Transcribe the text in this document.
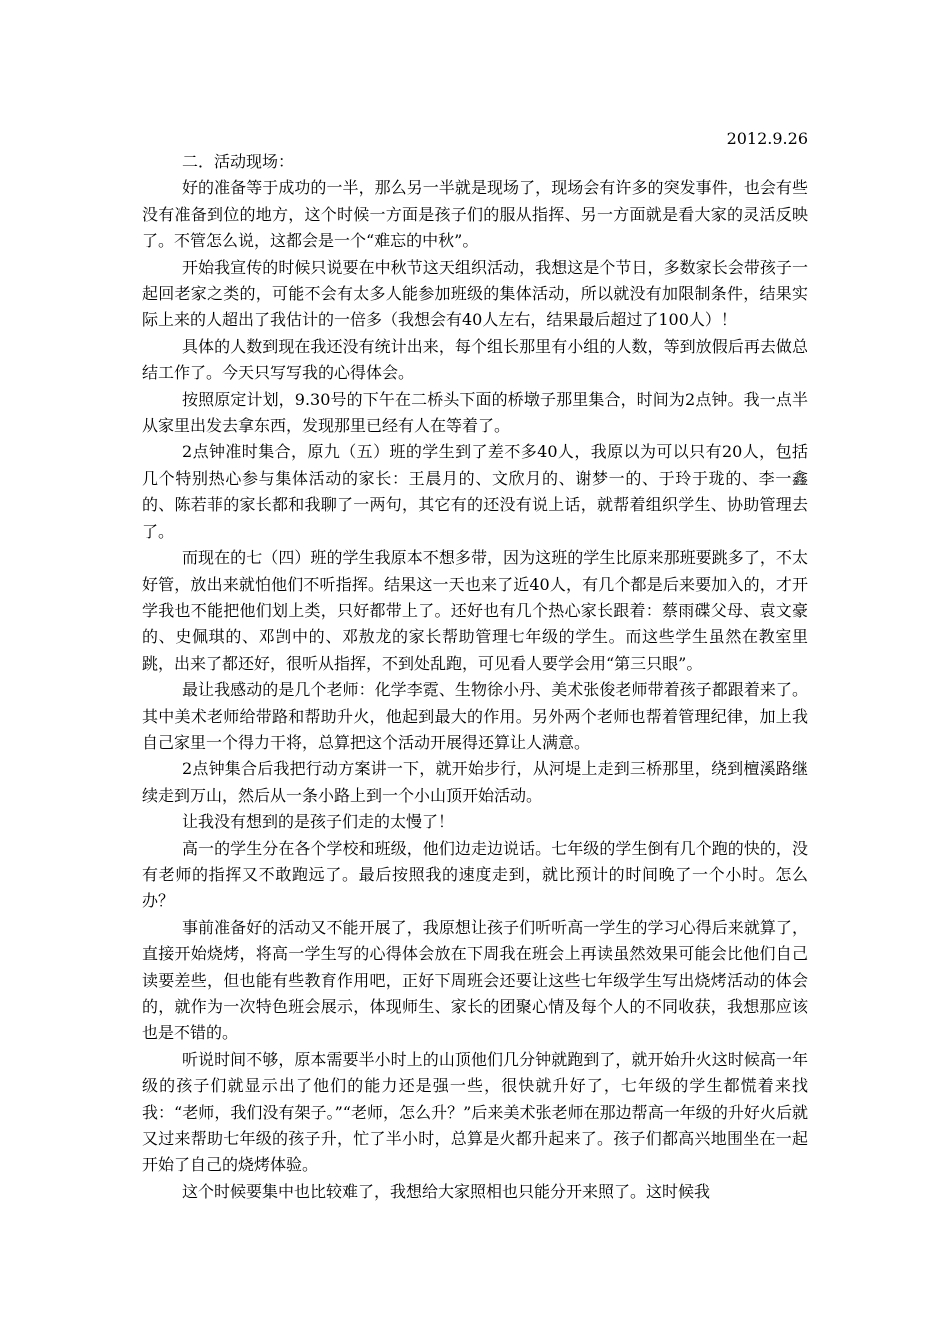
2012.9.26

二．活动现场：

好的准备等于成功的一半，那么另一半就是现场了，现场会有许多的突发事件，也会有些没有准备到位的地方，这个时候一方面是孩子们的服从指挥、另一方面就是看大家的灵活反映了。不管怎么说，这都会是一个“难忘的中秋”。

开始我宣传的时候只说要在中秋节这天组织活动，我想这是个节日，多数家长会带孩子一起回老家之类的，可能不会有太多人能参加班级的集体活动，所以就没有加限制条件，结果实际上来的人超出了我估计的一倍多（我想会有40人左右，结果最后超过了100人）！

具体的人数到现在我还没有统计出来，每个组长那里有小组的人数，等到放假后再去做总结工作了。今天只写写我的心得体会。

按照原定计划，9.30号的下午在二桥头下面的桥墩子那里集合，时间为2点钟。我一点半从家里出发去拿东西，发现那里已经有人在等着了。

2点钟准时集合，原九（五）班的学生到了差不多40人，我原以为可以只有20人，包括几个特别热心参与集体活动的家长：王晨月的、文欣月的、谢梦一的、于玲于珑的、李一鑫的、陈若菲的家长都和我聊了一两句，其它有的还没有说上话，就帮着组织学生、协助管理去了。

而现在的七（四）班的学生我原本不想多带，因为这班的学生比原来那班要跳多了，不太好管，放出来就怕他们不听指挥。结果这一天也来了近40人，有几个都是后来要加入的，才开学我也不能把他们划上类，只好都带上了。还好也有几个热心家长跟着：蔡雨碟父母、袁文豪的、史佩琪的、邓剀中的、邓敖龙的家长帮助管理七年级的学生。而这些学生虽然在教室里跳，出来了都还好，很听从指挥，不到处乱跑，可见看人要学会用“第三只眼”。

最让我感动的是几个老师：化学李霓、生物徐小丹、美术张俊老师带着孩子都跟着来了。其中美术老师给带路和帮助升火，他起到最大的作用。另外两个老师也帮着管理纪律，加上我自己家里一个得力干将，总算把这个活动开展得还算让人满意。

2点钟集合后我把行动方案讲一下，就开始步行，从河堤上走到三桥那里，绕到檀溪路继续走到万山，然后从一条小路上到一个小山顶开始活动。

让我没有想到的是孩子们走的太慢了！

高一的学生分在各个学校和班级，他们边走边说话。七年级的学生倒有几个跑的快的，没有老师的指挥又不敢跑远了。最后按照我的速度走到，就比预计的时间晚了一个小时。怎么办？

事前准备好的活动又不能开展了，我原想让孩子们听听高一学生的学习心得后来就算了，直接开始烧烤，将高一学生写的心得体会放在下周我在班会上再读虽然效果可能会比他们自己读要差些，但也能有些教育作用吧，正好下周班会还要让这些七年级学生写出烧烤活动的体会的，就作为一次特色班会展示，体现师生、家长的团聚心情及每个人的不同收获，我想那应该也是不错的。

听说时间不够，原本需要半小时上的山顶他们几分钟就跑到了，就开始升火这时候高一年级的孩子们就显示出了他们的能力还是强一些，很快就升好了，七年级的学生都慌着来找我：“老师，我们没有架子。”“老师，怎么升？”后来美术张老师在那边帮高一年级的升好火后就又过来帮助七年级的孩子升，忙了半小时，总算是火都升起来了。孩子们都高兴地围坐在一起开始了自己的烧烤体验。

这个时候要集中也比较难了，我想给大家照相也只能分开来照了。这时候我
